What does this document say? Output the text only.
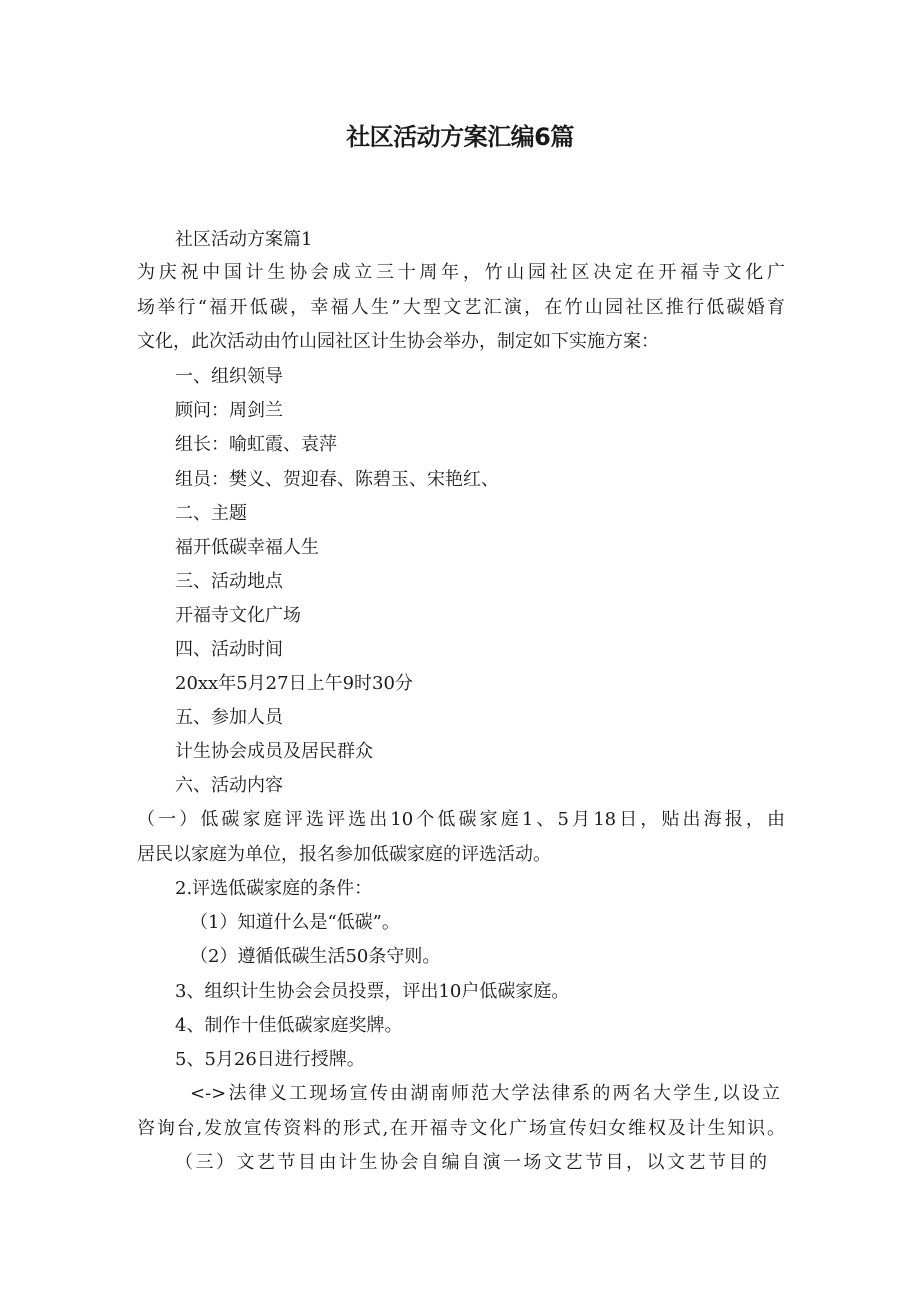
社区活动方案汇编6篇
社区活动方案篇1
为庆祝中国计生协会成立三十周年，竹山园社区决定在开福寺文化广
场举行“福开低碳，幸福人生”大型文艺汇演，在竹山园社区推行低碳婚育
文化，此次活动由竹山园社区计生协会举办，制定如下实施方案：
一、组织领导
顾问：周剑兰
组长：喻虹霞、袁萍
组员：樊义、贺迎春、陈碧玉、宋艳红、
二、主题
福开低碳幸福人生
三、活动地点
开福寺文化广场
四、活动时间
20xx年5月27日上午9时30分
五、参加人员
计生协会成员及居民群众
六、活动内容
（一）低碳家庭评选评选出10个低碳家庭1、5月18日，贴出海报，由
居民以家庭为单位，报名参加低碳家庭的评选活动。
2.评选低碳家庭的条件：
（1）知道什么是“低碳”。
（2）遵循低碳生活50条守则。
3、组织计生协会会员投票，评出10户低碳家庭。
4、制作十佳低碳家庭奖牌。
5、5月26日进行授牌。
<->法律义工现场宣传由湖南师范大学法律系的两名大学生,以设立
咨询台,发放宣传资料的形式,在开福寺文化广场宣传妇女维权及计生知识。
（三）文艺节目由计生协会自编自演一场文艺节目，以文艺节目的
